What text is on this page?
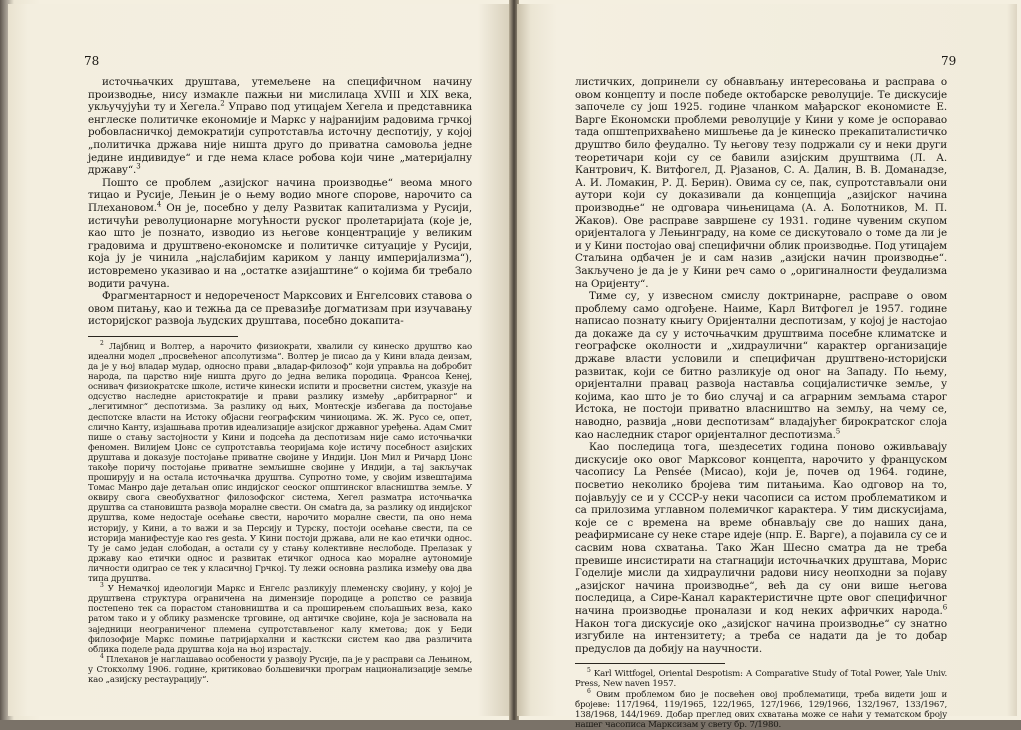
78

источњачких друштава, утемељене на специфичном начину производње, нису измакле пажњи ни мислилаца XVIII и XIX века, укључујући ту и Хегела.$^2$ Управо под утицајем Хегела и представника енглеске политичке економије и Маркс у најранијим радовима грчкој робовласничкој демократији супротставља источну деспотију, у којој „политичка држава није ништа друго до приватна самовоља једне једине индивидуе“ и где нема класе робова који чине „материјалну државу“.$^3$

Пошто се проблем „азијског начина производње“ веома много тицао и Русије, Лењин је о њему водио многе спорове, нарочито са Плехановом.$^4$ Он је, посебно у делу Развитак капитализма у Русији, истичући револуционарне могућности руског пролетаријата (које је, као што је познато, изводио из његове концентрације у великим градовима и друштвено-економске и политичке ситуације у Русији, која ју је чинила „најслабијим кариком у ланцу империјализма“), истовремено указивао и на „остатке азијаштине“ о којима би требало водити рачуна.

Фрагментарност и недореченост Марксових и Енгелсових ставова о овом питању, као и тежња да се превазиђе догматизам при изучавању историјског развоја људских друштава, посебно докапита-

$^2$ Лајбниц и Волтер, а нарочито физиократи, хвалили су кинеско друштво као идеални модел „просвећеног апсолутизма“. Волтер је писао да у Кини влада деизам, да је у њој владар мудар, односно прави „владар-филозоф“ који управља на добробит народа, па царство није ништа друго до једна велика породица. Франсоа Кенеј, оснивач физиократске школе, истиче кинески испити и просветни систем, указује на одсуство наследне аристократије и прави разлику између „арбитрарног“ и „легитимног“ деспотизма. За разлику од њих, Монтескје избегава да постојање деспотске власти на Истоку објасни географским чиниоцима. Ж. Ж. Русо се, опет, слично Канту, изјашњава против идеализације азијског државног уређења. Адам Смит пише о стању застојности у Кини и подсећа да деспотизам није само источњачки феномен. Вилијем Џонс се супротставља теоријама које истичу посебност азијских друштава и доказује постојање приватне својине у Индији. Џон Мил и Ричард Џонс такође поричу постојање приватне земљишне својине у Индији, а тај закључак проширују и на остала источњачка друштва. Супротно томе, у својим извештајима Томас Манро даје детаљан опис индијског сеоског општинског власништва земље. У оквиру свога свеобухватног филозофског система, Хегел разматра источњачка друштва са становишта развоја моралне свести. Он смаtra да, за разлику од индијског друштва, коме недостаје осећање свести, нарочито моралне свести, па оно нема историју, у Кини, а то важи и за Персију и Турску, постоји осећање свести, па се историја манифестује као res gesta. У Кини постоји држава, али не као етички однос. Ту је само један слободан, а остали су у стању колективне неслободе. Прелазак у државу као етички однос и развитак етичког односа као моралне аутономије личности одиграо се тек у класичној Грчкој. Ту лежи основна разлика између ова два типа друштва.

$^3$ У Немачкој идеологији Маркс и Енгелс разликују племенску својину, у којој је друштвена структура ограничена на димензије породице а ропство се развија постепено тек са порастом становништва и са проширењем спољашњих веза, како ратом тако и у облику разменске трговине, од античке својине, која је засновала на заједници неограниченог племена супротстављеног калу кметова; док у Беди филозофије Маркс помиње патријархални и касткски систем као два различита облика поделе рада друштва која на њој израстају.

$^4$ Плеханов је наглашавао особености у развоју Русије, па је у расправи са Лењином, у Стокхолму 1906. године, критиковао бољшевички програм национализације земље као „азијску рестаурацију“.

79

листичких, допринели су обнављању интересовања и расправа о овом концепту и после победе октобарске револуције. Те дискусије започеле су још 1925. године чланком мађарског економисте Е. Варге Економски проблеми револуције у Кини у коме је оспоравао тада општеприхваћено мишљење да је кинеско прекапиталистичко друштво било феудално. Ту његову тезу подржали су и неки други теоретичари који су се бавили азијским друштвима (Л. А. Кантрович, К. Витфогел, Д. Рјазанов, С. А. Далин, В. В. Доманадзе, А. И. Ломакин, Р. Д. Берин). Овима су се, пак, супротстављали они аутори који су доказивали да концепција „азијског начина производње“ не одговара чињеницама (А. А. Болотников, М. П. Жаков). Ове расправе завршене су 1931. године чувеним скупом оријенталога у Лењинграду, на коме се дискутовало о томе да ли је и у Кини постојао овај специфични облик производње. Под утицајем Стаљина одбачен је и сам назив „азијски начин производње“. Закључено је да је у Кини реч само о „оригиналности феудализма на Оријенту“.

Тиме су, у извесном смислу доктринарне, расправе о овом проблему само одгођене. Наиме, Карл Витфогел је 1957. године написао познату књигу Оријентални деспотизам, у којој је настојао да докаже да су у источњачким друштвима посебне климатске и географске околности и „хидраулични“ карактер организације државе власти условили и специфичан друштвено-историјски развитак, који се битно разликује од оног на Западу. По њему, оријентални правац развоја наставља социјалистичке земље, у којима, као што је то био случај и са аграрним земљама старог Истока, не постоји приватно власништво на земљу, на чему се, наводно, развија „нови деспотизам“ владајућег бирократског слоја као наследник старог оријенталног деспотизма.$^5$

Као последица тога, шездесетих година поново оживљавају дискусије око овог Марксовог концепта, нарочито у француском часопису La Pensée (Мисао), који је, почев од 1964. године, посветио неколико бројева тим питањима. Као одговор на то, појављују се и у СССР-у неки часописи са истом проблематиком и са прилозима углавном полемичког карактера. У тим дискусијама, које се с времена на време обнављају све до наших дана, реафирмисане су неке старе идеје (нпр. Е. Варге), а појавила су се и сасвим нова схватања. Тако Жан Шесно сматра да не треба превише инсистирати на стагнацији источњачких друштава, Морис Годелије мисли да хидраулични радови нису неопходни за појаву „азијског начина производње“, већ да су они више његова последица, а Сире-Канал карактеристичне црте овог специфичног начина производње проналази и код неких афричких народа.$^6$ Након тога дискусије око „азијског начина производње“ су знатно изгубиле на интензитету; а треба се надати да је то добар предуслов да добију на научности.

$^5$ Karl Wittfogel, Oriental Despotism: A Comparative Study of Total Power, Yale Univ. Press, New naven 1957.

$^6$ Овим проблемом био је посвећен овој проблематици, треба видети још и бројеве: 117/1964, 119/1965, 122/1965, 127/1966, 129/1966, 132/1967, 133/1967, 138/1968, 144/1969. Добар преглед ових схватања може се наћи у тематском броју нашег часописа Марксизам у свету бр. 7/1980.
